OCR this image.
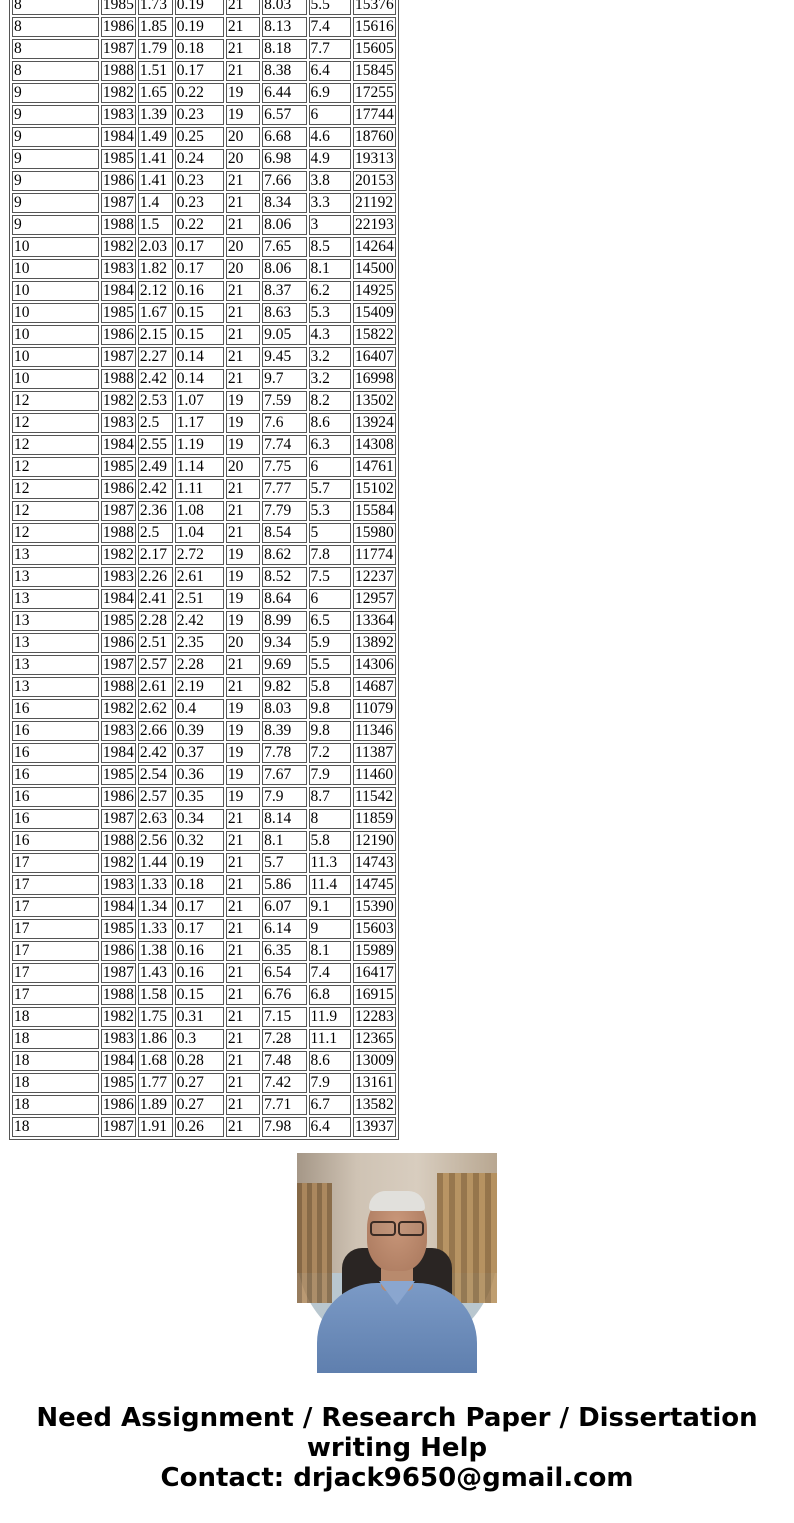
8	1985	1.73	0.19	21	8.03	5.5	15376
8	1986	1.85	0.19	21	8.13	7.4	15616
8	1987	1.79	0.18	21	8.18	7.7	15605
8	1988	1.51	0.17	21	8.38	6.4	15845
9	1982	1.65	0.22	19	6.44	6.9	17255
9	1983	1.39	0.23	19	6.57	6	17744
9	1984	1.49	0.25	20	6.68	4.6	18760
9	1985	1.41	0.24	20	6.98	4.9	19313
9	1986	1.41	0.23	21	7.66	3.8	20153
9	1987	1.4	0.23	21	8.34	3.3	21192
9	1988	1.5	0.22	21	8.06	3	22193
10	1982	2.03	0.17	20	7.65	8.5	14264
10	1983	1.82	0.17	20	8.06	8.1	14500
10	1984	2.12	0.16	21	8.37	6.2	14925
10	1985	1.67	0.15	21	8.63	5.3	15409
10	1986	2.15	0.15	21	9.05	4.3	15822
10	1987	2.27	0.14	21	9.45	3.2	16407
10	1988	2.42	0.14	21	9.7	3.2	16998
12	1982	2.53	1.07	19	7.59	8.2	13502
12	1983	2.5	1.17	19	7.6	8.6	13924
12	1984	2.55	1.19	19	7.74	6.3	14308
12	1985	2.49	1.14	20	7.75	6	14761
12	1986	2.42	1.11	21	7.77	5.7	15102
12	1987	2.36	1.08	21	7.79	5.3	15584
12	1988	2.5	1.04	21	8.54	5	15980
13	1982	2.17	2.72	19	8.62	7.8	11774
13	1983	2.26	2.61	19	8.52	7.5	12237
13	1984	2.41	2.51	19	8.64	6	12957
13	1985	2.28	2.42	19	8.99	6.5	13364
13	1986	2.51	2.35	20	9.34	5.9	13892
13	1987	2.57	2.28	21	9.69	5.5	14306
13	1988	2.61	2.19	21	9.82	5.8	14687
16	1982	2.62	0.4	19	8.03	9.8	11079
16	1983	2.66	0.39	19	8.39	9.8	11346
16	1984	2.42	0.37	19	7.78	7.2	11387
16	1985	2.54	0.36	19	7.67	7.9	11460
16	1986	2.57	0.35	19	7.9	8.7	11542
16	1987	2.63	0.34	21	8.14	8	11859
16	1988	2.56	0.32	21	8.1	5.8	12190
17	1982	1.44	0.19	21	5.7	11.3	14743
17	1983	1.33	0.18	21	5.86	11.4	14745
17	1984	1.34	0.17	21	6.07	9.1	15390
17	1985	1.33	0.17	21	6.14	9	15603
17	1986	1.38	0.16	21	6.35	8.1	15989
17	1987	1.43	0.16	21	6.54	7.4	16417
17	1988	1.58	0.15	21	6.76	6.8	16915
18	1982	1.75	0.31	21	7.15	11.9	12283
18	1983	1.86	0.3	21	7.28	11.1	12365
18	1984	1.68	0.28	21	7.48	8.6	13009
18	1985	1.77	0.27	21	7.42	7.9	13161
18	1986	1.89	0.27	21	7.71	6.7	13582
18	1987	1.91	0.26	21	7.98	6.4	13937
Need Assignment / Research Paper / Dissertation
writing Help
Contact: drjack9650@gmail.com
